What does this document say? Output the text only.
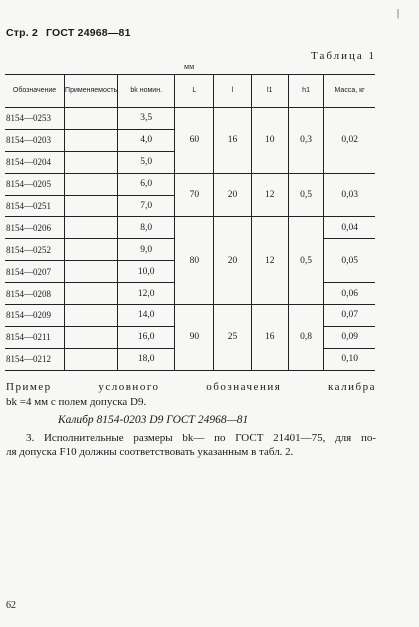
|
Стр. 2 ГОСТ 24968—81
Таблица 1
мм
Обозначение	Применяемость	bk номин.	L	l	l1	h1	Масса, кг
8154—0253		3,5	60	16	10	0,3	0,02
8154—0203		4,0					
8154—0204		5,0					
8154—0205		6,0	70	20	12	0,5	0,03
8154—0251		7,0					
8154—0206		8,0	80	20	12	0,5	0,04
8154—0252		9,0					0,05
8154—0207		10,0					
8154—0208		12,0					0,06
8154—0209		14,0	90	25	16	0,8	0,07
8154—0211		16,0					0,09
8154—0212		18,0					0,10
Пример условного обозначения калибра
bk =4 мм с полем допуска D9.
Калибр 8154-0203 D9 ГОСТ 24968—81
3. Исполнительные размеры bk— по ГОСТ 21401—75, для по-
ля допуска F10 должны соответствовать указанным в табл. 2.
62
